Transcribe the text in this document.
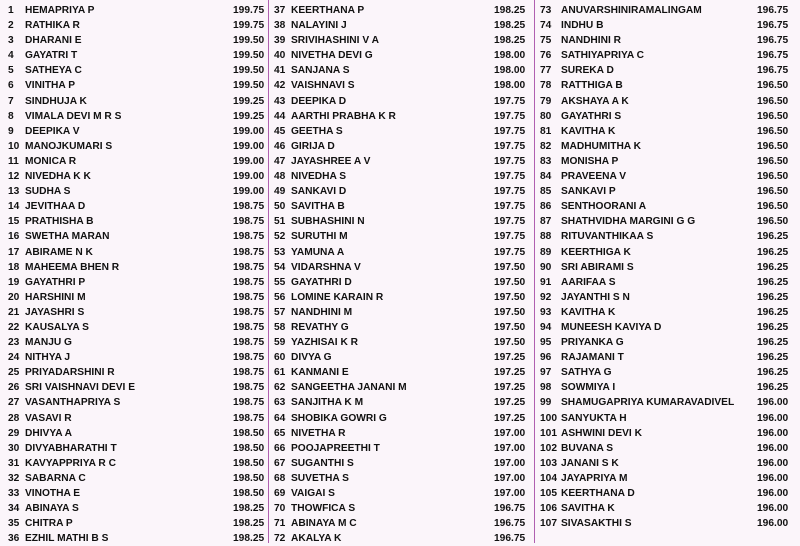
1 HEMAPRIYA P	199.75
2 RATHIKA R	199.75
3 DHARANI E	199.50
4 GAYATRI T	199.50
5 SATHEYA C	199.50
6 VINITHA P	199.50
7 SINDHUJA K	199.25
8 VIMALA DEVI M R S	199.25
9 DEEPIKA V	199.00
10 MANOJKUMARI S	199.00
11 MONICA R	199.00
12 NIVEDHA K K	199.00
13 SUDHA S	199.00
14 JEVITHAA D	198.75
15 PRATHISHA B	198.75
16 SWETHA MARAN	198.75
17 ABIRAME N K	198.75
18 MAHEEMA BHEN R	198.75
19 GAYATHRI P	198.75
20 HARSHINI M	198.75
21 JAYASHRI S	198.75
22 KAUSALYA S	198.75
23 MANJU G	198.75
24 NITHYA J	198.75
25 PRIYADARSHINI R	198.75
26 SRI VAISHNAVI DEVI E	198.75
27 VASANTHAPRIYA S	198.75
28 VASAVI R	198.75
29 DHIVYA A	198.50
30 DIVYABHARATHI T	198.50
31 KAVYAPPRIYA R C	198.50
32 SABARNA C	198.50
33 VINOTHA E	198.50
34 ABINAYA S	198.25
35 CHITRA P	198.25
36 EZHIL MATHI B S	198.25
37 KEERTHANA P	198.25
38 NALAYINI J	198.25
39 SRIVIHASHINI V A	198.25
40 NIVETHA DEVI G	198.00
41 SANJANA S	198.00
42 VAISHNAVI S	198.00
43 DEEPIKA D	197.75
44 AARTHI PRABHA K R	197.75
45 GEETHA S	197.75
46 GIRIJA D	197.75
47 JAYASHREE A V	197.75
48 NIVEDHA S	197.75
49 SANKAVI D	197.75
50 SAVITHA B	197.75
51 SUBHASHINI N	197.75
52 SURUTHI M	197.75
53 YAMUNA A	197.75
54 VIDARSHNA V	197.50
55 GAYATHRI D	197.50
56 LOMINE KARAIN R	197.50
57 NANDHINI M	197.50
58 REVATHY G	197.50
59 YAZHISAI K R	197.50
60 DIVYA G	197.25
61 KANMANI E	197.25
62 SANGEETHA JANANI M	197.25
63 SANJITHA K M	197.25
64 SHOBIKA GOWRI G	197.25
65 NIVETHA R	197.00
66 POOJAPREETHI T	197.00
67 SUGANTHI S	197.00
68 SUVETHA S	197.00
69 VAIGAI S	197.00
70 THOWFICA S	196.75
71 ABINAYA M C	196.75
72 AKALYA K	196.75
73 ANUVARSHINIRAMALINGAM	196.75
74 INDHU B	196.75
75 NANDHINI R	196.75
76 SATHIYAPRIYA C	196.75
77 SUREKA D	196.75
78 RATTHIGA B	196.50
79 AKSHAYA A K	196.50
80 GAYATHRI S	196.50
81 KAVITHA K	196.50
82 MADHUMITHA K	196.50
83 MONISHA P	196.50
84 PRAVEENA V	196.50
85 SANKAVI P	196.50
86 SENTHOORANI A	196.50
87 SHATHVIDHA MARGINI G G	196.50
88 RITUVANTHIKAA S	196.25
89 KEERTHIGA K	196.25
90 SRI ABIRAMI S	196.25
91 AARIFAA S	196.25
92 JAYANTHI S N	196.25
93 KAVITHA K	196.25
94 MUNEESH KAVIYA D	196.25
95 PRIYANKA G	196.25
96 RAJAMANI T	196.25
97 SATHYA G	196.25
98 SOWMIYA I	196.25
99 SHAMUGAPRIYA KUMARAVADIVEL 196.00
100 SANYUKTA H	196.00
101 ASHWINI DEVI K	196.00
102 BUVANA S	196.00
103 JANANI S K	196.00
104 JAYAPRIYA M	196.00
105 KEERTHANA D	196.00
106 SAVITHA K	196.00
107 SIVASAKTHI S	196.00
